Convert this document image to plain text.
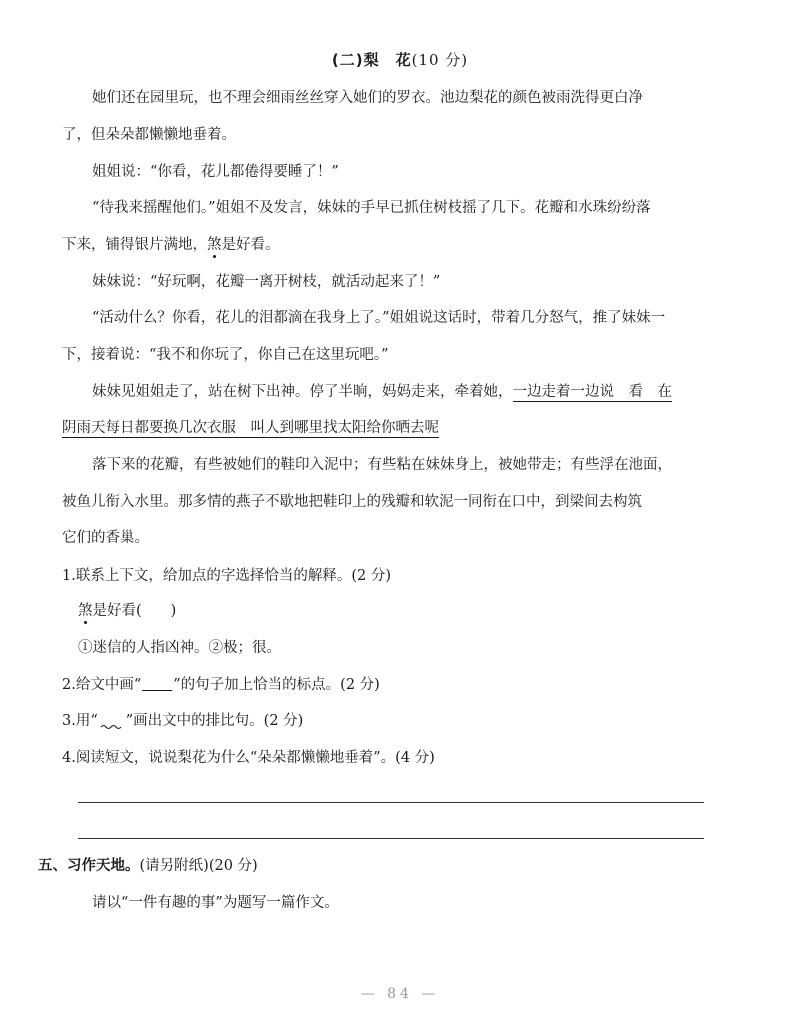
(二)梨　花(10 分)
她们还在园里玩，也不理会细雨丝丝穿入她们的罗衣。池边梨花的颜色被雨洗得更白净
了，但朵朵都懒懒地垂着。
姐姐说：“你看，花儿都倦得要睡了！”
“待我来摇醒他们。”姐姐不及发言，妹妹的手早已抓住树枝摇了几下。花瓣和水珠纷纷落
下来，铺得银片满地，煞是好看。
妹妹说：“好玩啊，花瓣一离开树枝，就活动起来了！”
“活动什么？你看，花儿的泪都滴在我身上了。”姐姐说这话时，带着几分怒气，推了妹妹一
下，接着说：“我不和你玩了，你自己在这里玩吧。”
妹妹见姐姐走了，站在树下出神。停了半晌，妈妈走来，牵着她，一边走着一边说　看　在
阴雨天每日都要换几次衣服　叫人到哪里找太阳给你晒去呢
落下来的花瓣，有些被她们的鞋印入泥中；有些粘在妹妹身上，被她带走；有些浮在池面，
被鱼儿衔入水里。那多情的燕子不歇地把鞋印上的残瓣和软泥一同衔在口中，到梁间去构筑
它们的香巢。
1.联系上下文，给加点的字选择恰当的解释。(2 分)
煞是好看(　　)
①迷信的人指凶神。②极；很。
2.给文中画“ ”的句子加上恰当的标点。(2 分)
3.用“ ”画出文中的排比句。(2 分)
4.阅读短文，说说梨花为什么“朵朵都懒懒地垂着”。(4 分)
五、习作天地。(请另附纸)(20 分)
请以“一件有趣的事”为题写一篇作文。
— 84 —
